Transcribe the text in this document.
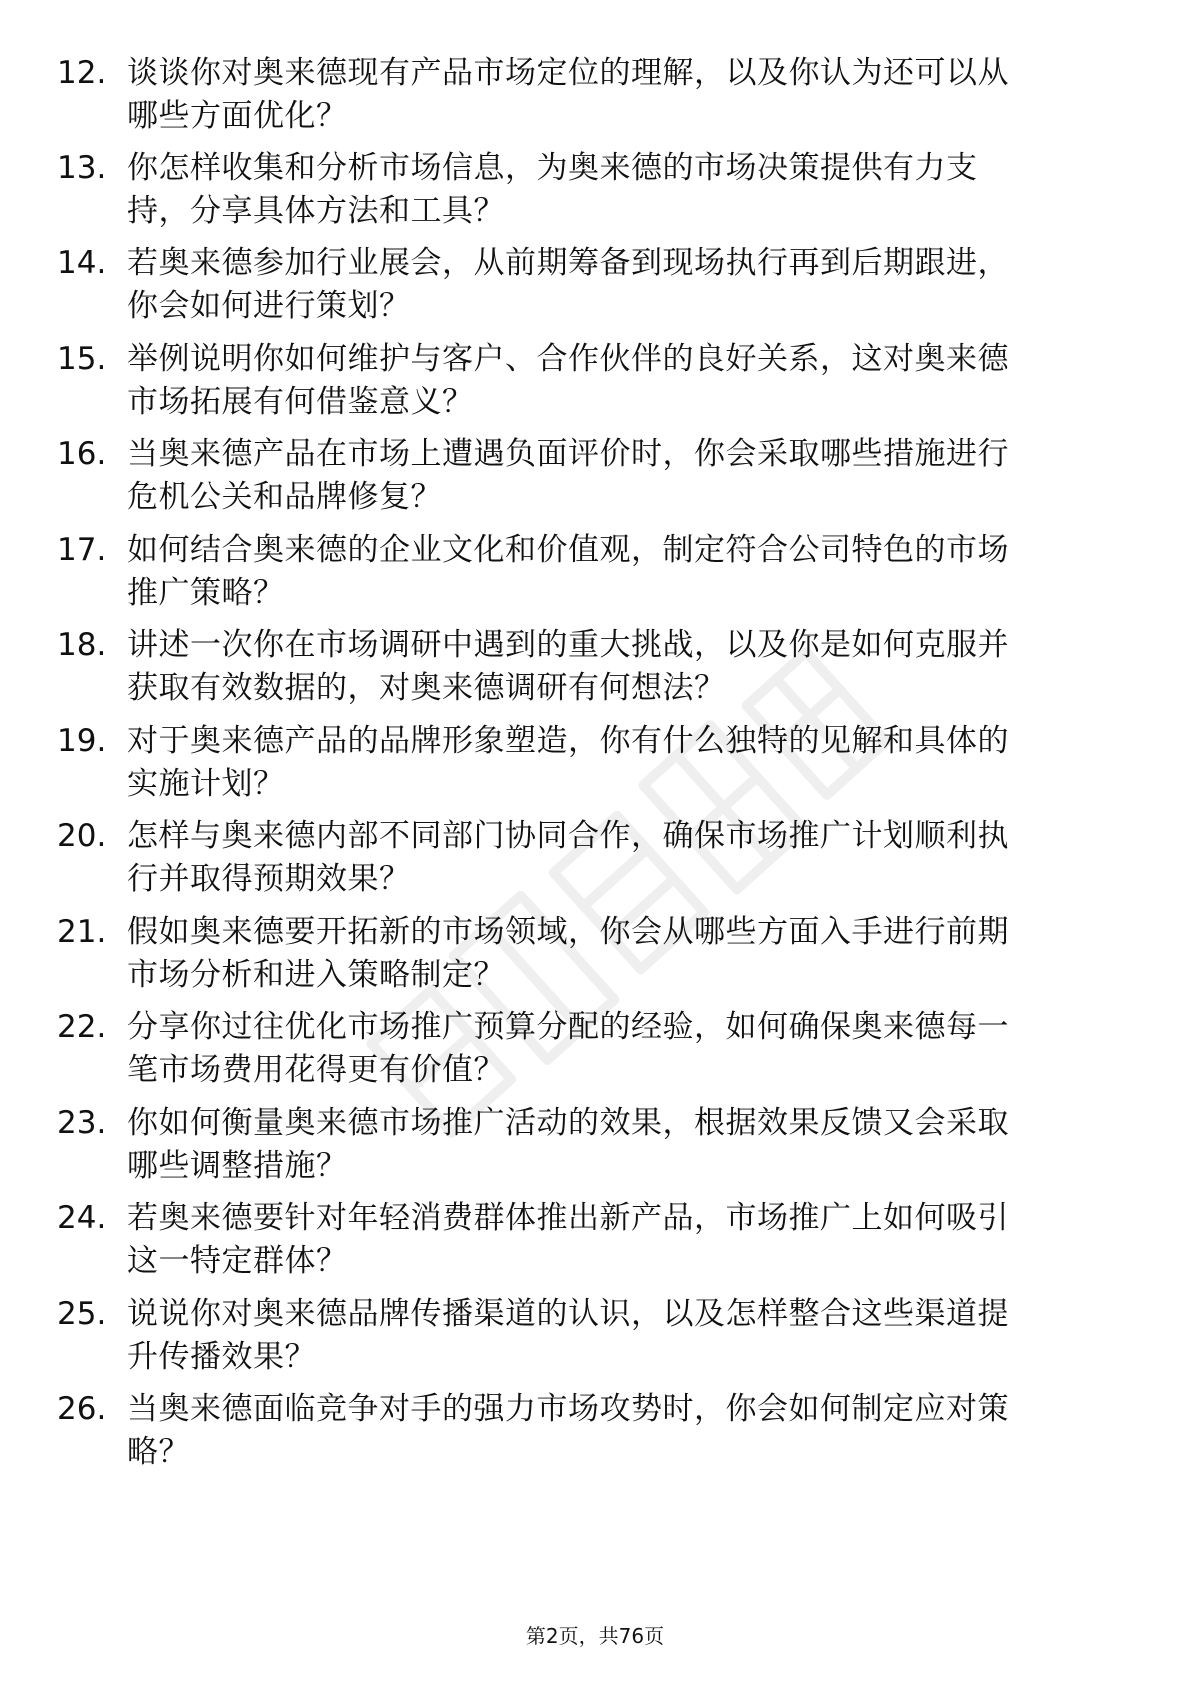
12. 谈谈你对奥来德现有产品市场定位的理解，以及你认为还可以从
哪些方面优化？
13. 你怎样收集和分析市场信息，为奥来德的市场决策提供有力支
持，分享具体方法和工具？
14. 若奥来德参加行业展会，从前期筹备到现场执行再到后期跟进，
你会如何进行策划？
15. 举例说明你如何维护与客户、合作伙伴的良好关系，这对奥来德
市场拓展有何借鉴意义？
16. 当奥来德产品在市场上遭遇负面评价时，你会采取哪些措施进行
危机公关和品牌修复？
17. 如何结合奥来德的企业文化和价值观，制定符合公司特色的市场
推广策略？
18. 讲述一次你在市场调研中遇到的重大挑战，以及你是如何克服并
获取有效数据的，对奥来德调研有何想法？
19. 对于奥来德产品的品牌形象塑造，你有什么独特的见解和具体的
实施计划？
20. 怎样与奥来德内部不同部门协同合作，确保市场推广计划顺利执
行并取得预期效果？
21. 假如奥来德要开拓新的市场领域，你会从哪些方面入手进行前期
市场分析和进入策略制定？
22. 分享你过往优化市场推广预算分配的经验，如何确保奥来德每一
笔市场费用花得更有价值？
23. 你如何衡量奥来德市场推广活动的效果，根据效果反馈又会采取
哪些调整措施？
24. 若奥来德要针对年轻消费群体推出新产品，市场推广上如何吸引
这一特定群体？
25. 说说你对奥来德品牌传播渠道的认识，以及怎样整合这些渠道提
升传播效果？
26. 当奥来德面临竞争对手的强力市场攻势时，你会如何制定应对策
略？
第2页，共76页
